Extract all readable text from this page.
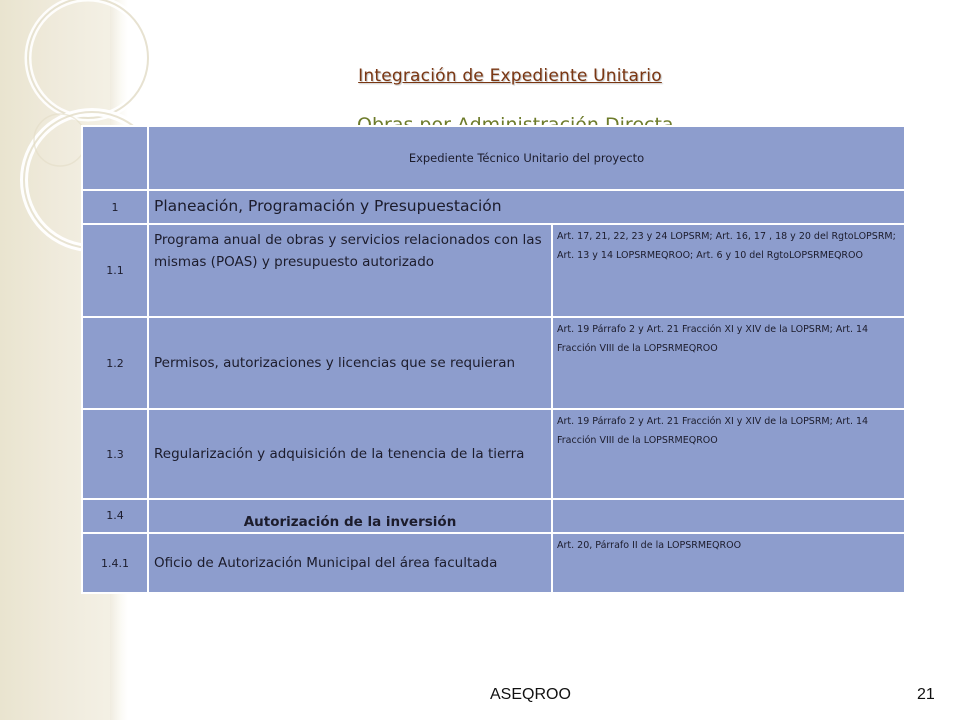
Integración de Expediente Unitario
	Expediente Técnico Unitario del proyecto	
1	Planeación, Programación y Presupuestación	
1.1	Programa anual de obras y servicios relacionados con las mismas (POAS) y presupuesto autorizado	Art. 17, 21, 22, 23 y 24 LOPSRM; Art. 16, 17 , 18 y 20 del RgtoLOPSRM; Art. 13 y 14 LOPSRMEQROO; Art. 6 y 10 del RgtoLOPSRMEQROO
1.2	Permisos, autorizaciones y licencias que se requieran	Art. 19 Párrafo 2 y Art. 21 Fracción XI y XIV de la LOPSRM; Art. 14 Fracción VIII de la LOPSRMEQROO
1.3	Regularización y adquisición de la tenencia de la tierra	Art. 19 Párrafo 2 y Art. 21 Fracción XI y XIV de la LOPSRM; Art. 14 Fracción VIII de la LOPSRMEQROO
1.4	Autorización de la inversión	
1.4.1	Oficio de Autorización Municipal del área facultada	Art. 20, Párrafo II de la LOPSRMEQROO
ASEQROO	21
